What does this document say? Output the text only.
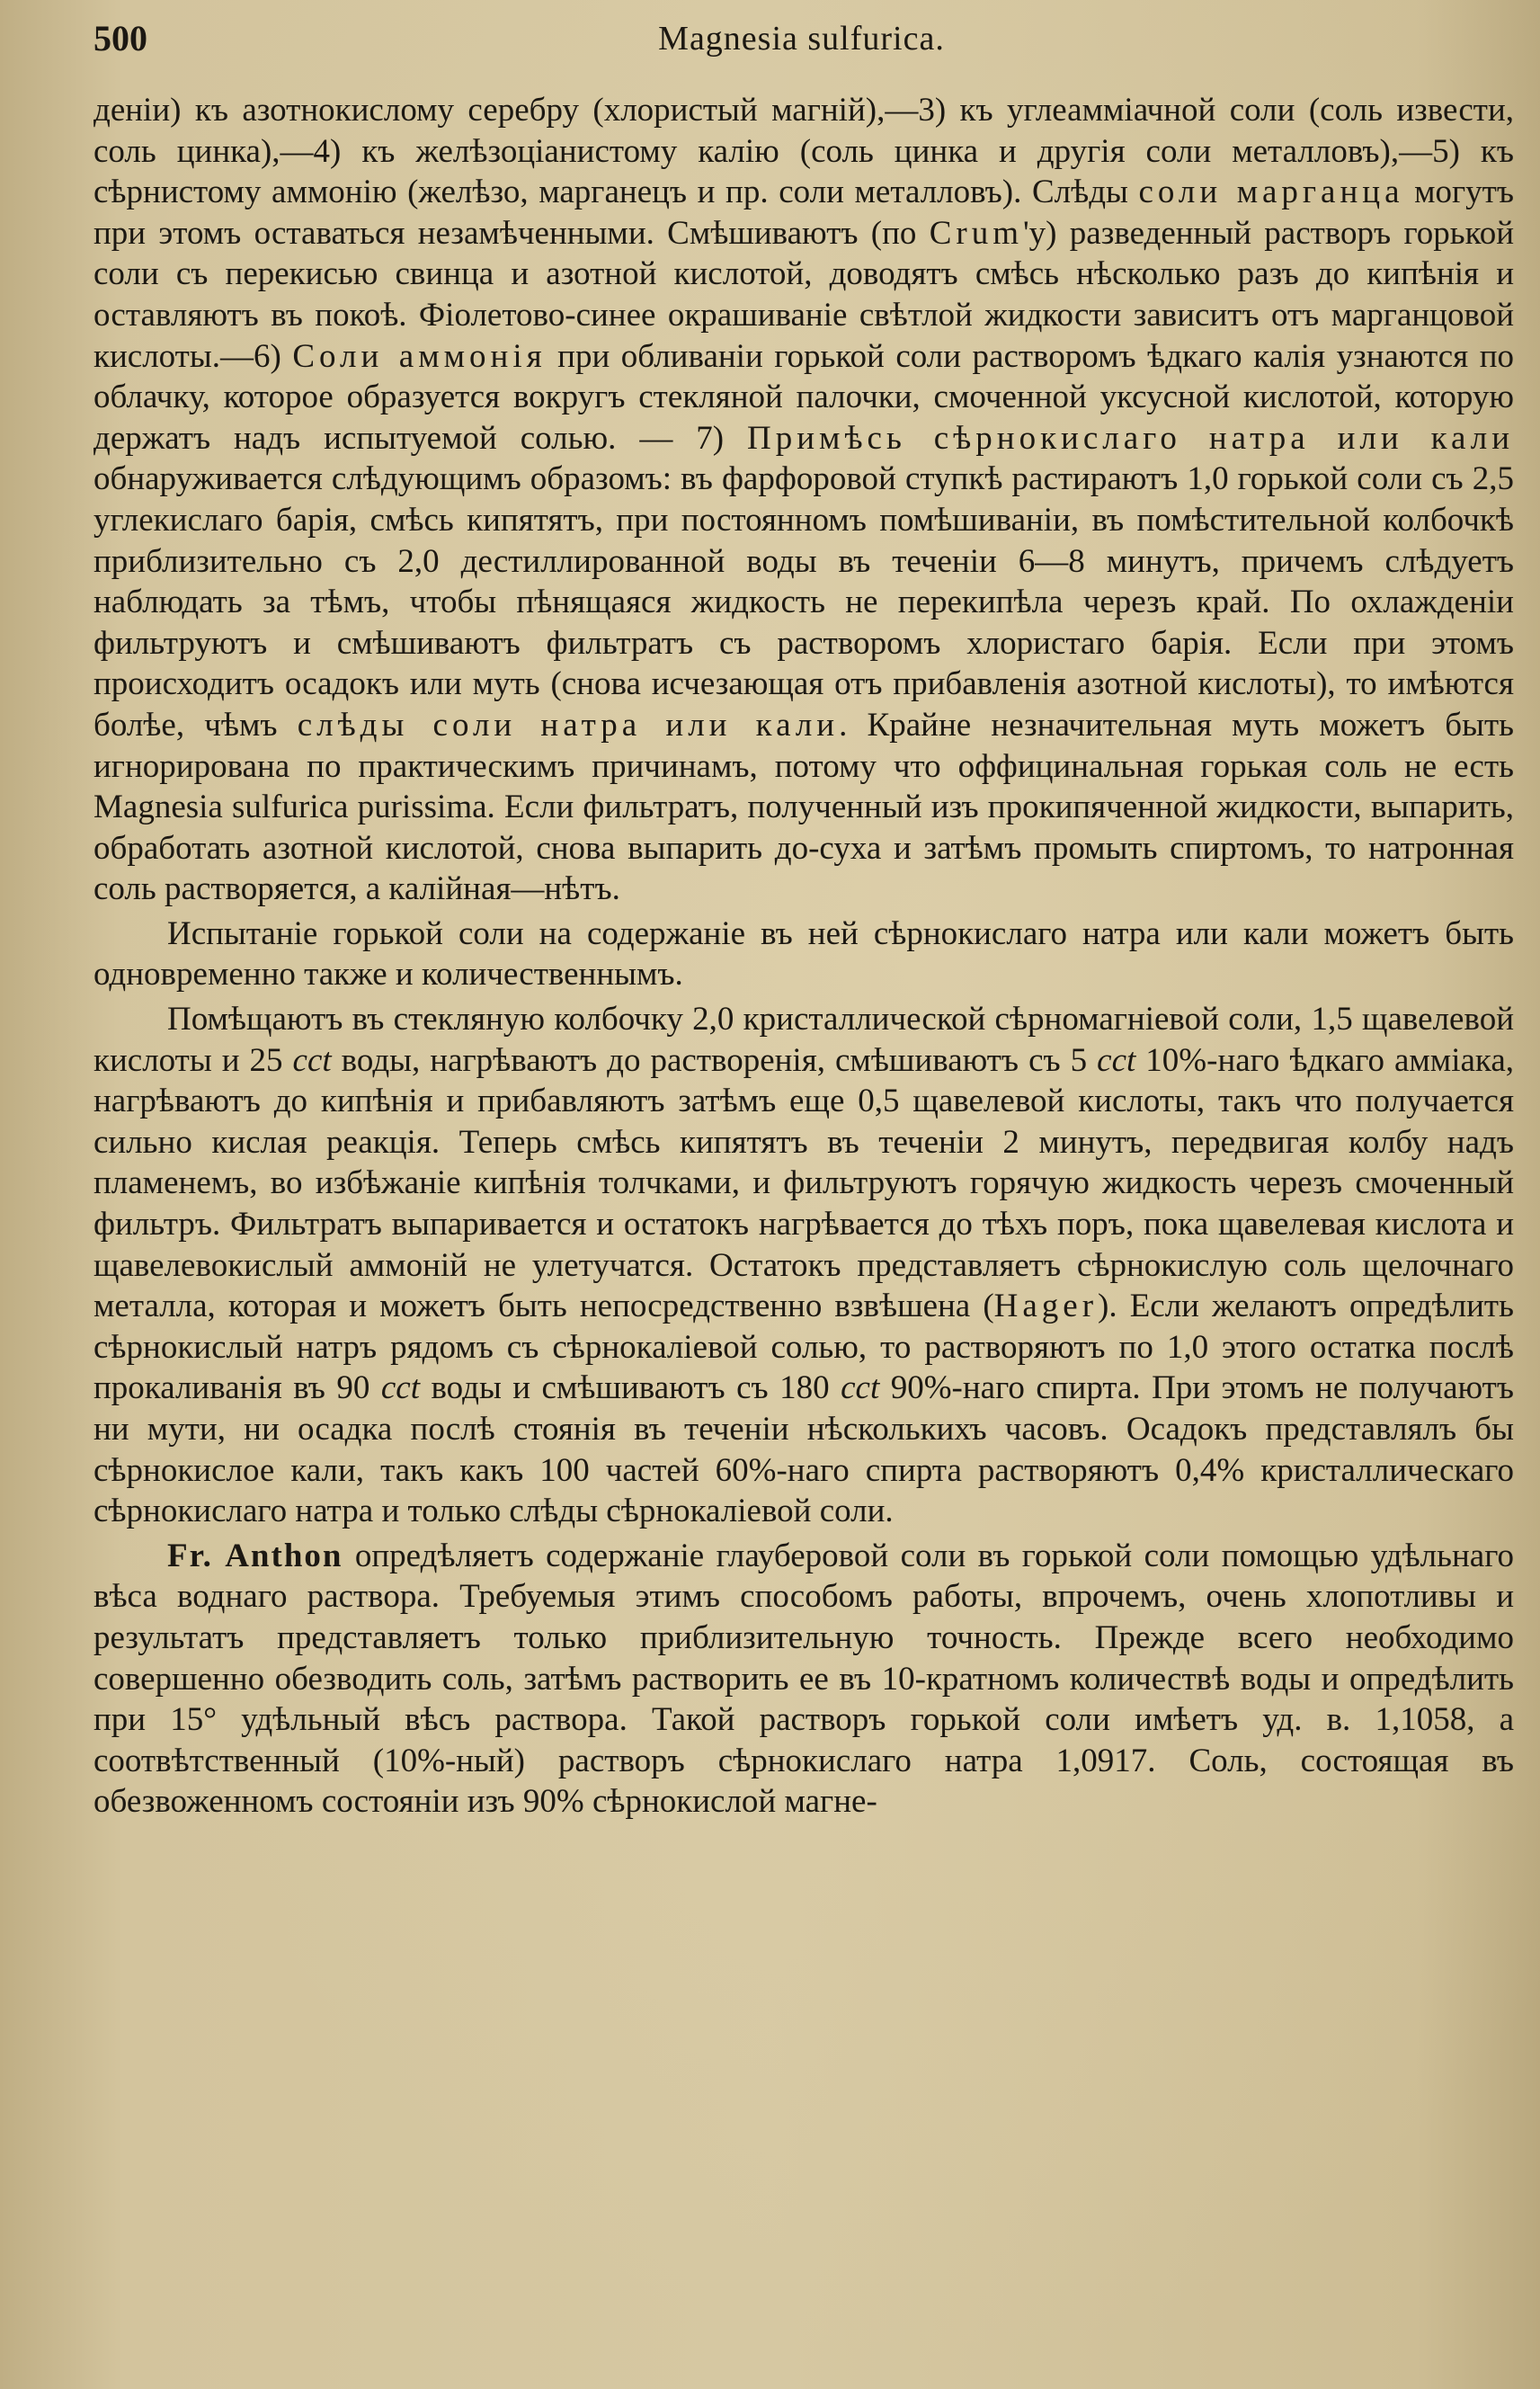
500	Magnesia sulfurica.

деніи) къ азотнокислому серебру (хлористый магній),—3) къ углеамміачной соли (соль извести, соль цинка),—4) къ желѣзоціанистому калію (соль цинка и другія соли металловъ),—5) къ сѣрнистому аммонію (желѣзо, марганецъ и пр. соли металловъ). Слѣды соли марганца могутъ при этомъ оставаться незамѣченными. Смѣшиваютъ (по Crum'у) разведенный растворъ горькой соли съ перекисью свинца и азотной кислотой, доводятъ смѣсь нѣсколько разъ до кипѣнія и оставляютъ въ покоѣ. Фіолетово-синее окрашиваніе свѣтлой жидкости зависитъ отъ марганцовой кислоты.—6) Соли аммонія при обливаніи горькой соли растворомъ ѣдкаго калія узнаются по облачку, которое образуется вокругъ стекляной палочки, смоченной уксусной кислотой, которую держатъ надъ испытуемой солью. — 7) Примѣсь сѣрнокислаго натра или кали обнаруживается слѣдующимъ образомъ: въ фарфоровой ступкѣ растираютъ 1,0 горькой соли съ 2,5 углекислаго барія, смѣсь кипятятъ, при постоянномъ помѣшиваніи, въ помѣстительной колбочкѣ приблизительно съ 2,0 дестиллированной воды въ теченіи 6—8 минутъ, причемъ слѣдуетъ наблюдать за тѣмъ, чтобы пѣнящаяся жидкость не перекипѣла черезъ край. По охлажденіи фильтруютъ и смѣшиваютъ фильтратъ съ растворомъ хлористаго барія. Если при этомъ происходитъ осадокъ или муть (снова исчезающая отъ прибавленія азотной кислоты), то имѣются болѣе, чѣмъ слѣды соли натра или кали. Крайне незначительная муть можетъ быть игнорирована по практическимъ причинамъ, потому что оффицинальная горькая соль не есть Magnesia sulfurica purissima. Если фильтратъ, полученный изъ прокипяченной жидкости, выпарить, обработать азотной кислотой, снова выпарить до-суха и затѣмъ промыть спиртомъ, то натронная соль растворяется, а калійная—нѣтъ.

Испытаніе горькой соли на содержаніе въ ней сѣрнокислаго натра или кали можетъ быть одновременно также и количественнымъ.

Помѣщаютъ въ стекляную колбочку 2,0 кристаллической сѣрномагніевой соли, 1,5 щавелевой кислоты и 25 cct воды, нагрѣваютъ до растворенія, смѣшиваютъ съ 5 cct 10%-наго ѣдкаго амміака, нагрѣваютъ до кипѣнія и прибавляютъ затѣмъ еще 0,5 щавелевой кислоты, такъ что получается сильно кислая реакція. Теперь смѣсь кипятятъ въ теченіи 2 минутъ, передвигая колбу надъ пламенемъ, во избѣжаніе кипѣнія толчками, и фильтруютъ горячую жидкость черезъ смоченный фильтръ. Фильтратъ выпаривается и остатокъ нагрѣвается до тѣхъ поръ, пока щавелевая кислота и щавелевокислый аммоній не улетучатся. Остатокъ представляетъ сѣрнокислую соль щелочнаго металла, которая и можетъ быть непосредственно взвѣшена (Hager). Если желаютъ опредѣлить сѣрнокислый натръ рядомъ съ сѣрнокаліевой солью, то растворяютъ по 1,0 этого остатка послѣ прокаливанія въ 90 cct воды и смѣшиваютъ съ 180 cct 90%-наго спирта. При этомъ не получаютъ ни мути, ни осадка послѣ стоянія въ теченіи нѣсколькихъ часовъ. Осадокъ представлялъ бы сѣрнокислое кали, такъ какъ 100 частей 60%-наго спирта растворяютъ 0,4% кристаллическаго сѣрнокислаго натра и только слѣды сѣрнокаліевой соли.

Fr. Anthon опредѣляетъ содержаніе глауберовой соли въ горькой соли помощью удѣльнаго вѣса воднаго раствора. Требуемыя этимъ способомъ работы, впрочемъ, очень хлопотливы и результатъ представляетъ только приблизительную точность. Прежде всего необходимо совершенно обезводить соль, затѣмъ растворить ее въ 10-кратномъ количествѣ воды и опредѣлить при 15° удѣльный вѣсъ раствора. Такой растворъ горькой соли имѣетъ уд. в. 1,1058, а соотвѣтственный (10%-ный) растворъ сѣрнокислаго натра 1,0917. Соль, состоящая въ обезвоженномъ состояніи изъ 90% сѣрнокислой магне-
